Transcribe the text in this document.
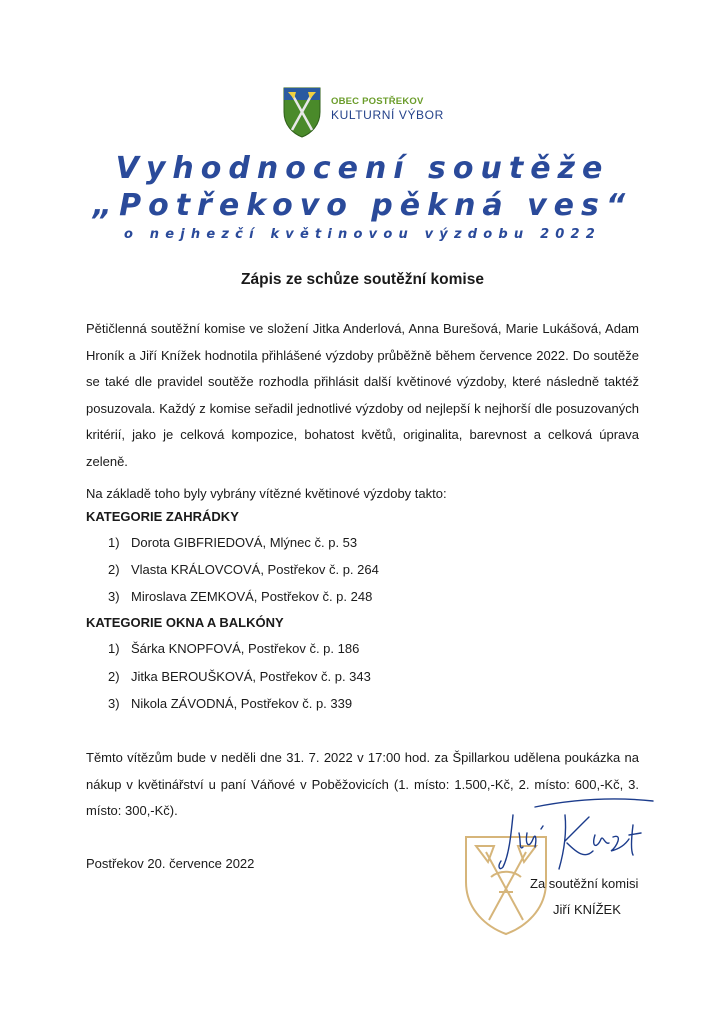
OBEC POSTŘEKOV
KULTURNÍ VÝBOR
Vyhodnocení soutěže
„Potřekovo pěkná ves“
o nejhezčí květinovou výzdobu 2022
Zápis ze schůze soutěžní komise
Pětičlenná soutěžní komise ve složení Jitka Anderlová, Anna Burešová, Marie Lukášová, Adam Hroník a Jiří Knížek hodnotila přihlášené výzdoby průběžně během července 2022. Do soutěže se také dle pravidel soutěže rozhodla přihlásit další květinové výzdoby, které následně taktéž posuzovala. Každý z komise seřadil jednotlivé výzdoby od nejlepší k nejhorší dle posuzovaných kritérií, jako je celková kompozice, bohatost květů, originalita, barevnost a celková úprava zeleně.
Na základě toho byly vybrány vítězné květinové výzdoby takto:
KATEGORIE ZAHRÁDKY
1) Dorota GIBFRIEDOVÁ, Mlýnec č. p. 53
2) Vlasta KRÁLOVCOVÁ, Postřekov č. p. 264
3) Miroslava ZEMKOVÁ, Postřekov č. p. 248
KATEGORIE OKNA A BALKÓNY
1) Šárka KNOPFOVÁ, Postřekov č. p. 186
2) Jitka BEROUŠKOVÁ, Postřekov č. p. 343
3) Nikola ZÁVODNÁ, Postřekov č. p. 339
Těmto vítězům bude v neděli dne 31. 7. 2022 v 17:00 hod. za Špillarkou udělena poukázka na nákup v květinářství u paní Váňové v Poběžovicích (1. místo: 1.500,-Kč, 2. místo: 600,-Kč, 3. místo: 300,-Kč).
Postřekov 20. července 2022
Za soutěžní komisi
Jiří KNÍŽEK
